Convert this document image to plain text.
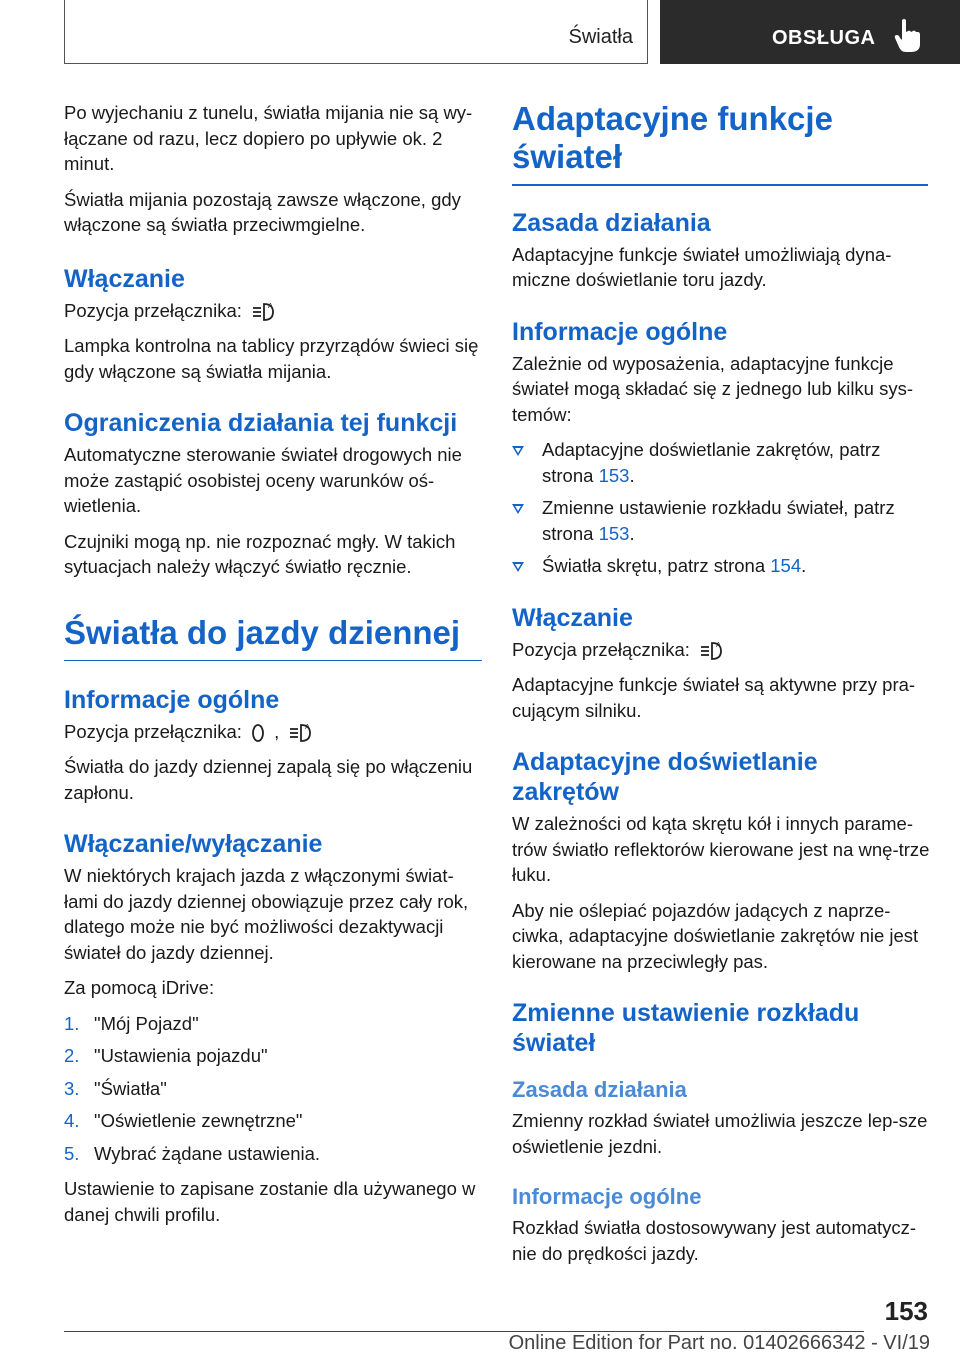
Światła	OBSŁUGA

Po wyjechaniu z tunelu, światła mijania nie są wy-łączane od razu, lecz dopiero po upływie ok. 2 minut.

Światła mijania pozostają zawsze włączone, gdy włączone są światła przeciwmgielne.

Włączanie

Pozycja przełącznika:	A

Lampka kontrolna na tablicy przyrządów świeci się gdy włączone są światła mijania.

Ograniczenia działania tej funkcji

Automatyczne sterowanie świateł drogowych nie może zastąpić osobistej oceny warunków oś-wietlenia.

Czujniki mogą np. nie rozpoznać mgły. W takich sytuacjach należy włączyć światło ręcznie.

Światła do jazdy dziennej
Informacje ogólne

Pozycja przełącznika: ,	A

Światła do jazdy dziennej zapalą się po włączeniu zapłonu.

Włączanie/wyłączanie

W niektórych krajach jazda z włączonymi świat-łami do jazdy dziennej obowiązuje przez cały rok, dlatego może nie być możliwości dezaktywacji świateł do jazdy dziennej.

Za pomocą iDrive:

1. "Mój Pojazd"
2. "Ustawienia pojazdu"
3. "Światła"
4. "Oświetlenie zewnętrzne"
5. Wybrać żądane ustawienia.

Ustawienie to zapisane zostanie dla używanego w danej chwili profilu.

Adaptacyjne funkcje świateł
Zasada działania

Adaptacyjne funkcje świateł umożliwiają dyna-miczne doświetlanie toru jazdy.

Informacje ogólne

Zależnie od wyposażenia, adaptacyjne funkcje świateł mogą składać się z jednego lub kilku sys-temów:

Adaptacyjne doświetlanie zakrętów, patrz strona 153.
Zmienne ustawienie rozkładu świateł, patrz strona 153.
Światła skrętu, patrz strona 154.
Włączanie

Pozycja przełącznika:	A

Adaptacyjne funkcje świateł są aktywne przy pra-cującym silniku.

Adaptacyjne doświetlanie zakrętów

W zależności od kąta skrętu kół i innych parame-trów światło reflektorów kierowane jest na wnę-trze łuku.

Aby nie oślepiać pojazdów jadących z naprze-ciwka, adaptacyjne doświetlanie zakrętów nie jest kierowane na przeciwległy pas.

Zmienne ustawienie rozkładu świateł
Zasada działania

Zmienny rozkład świateł umożliwia jeszcze lep-sze oświetlenie jezdni.

Informacje ogólne

Rozkład światła dostosowywany jest automatycz-nie do prędkości jazdy.

153
Online Edition for Part no. 01402666342 - VI/19
